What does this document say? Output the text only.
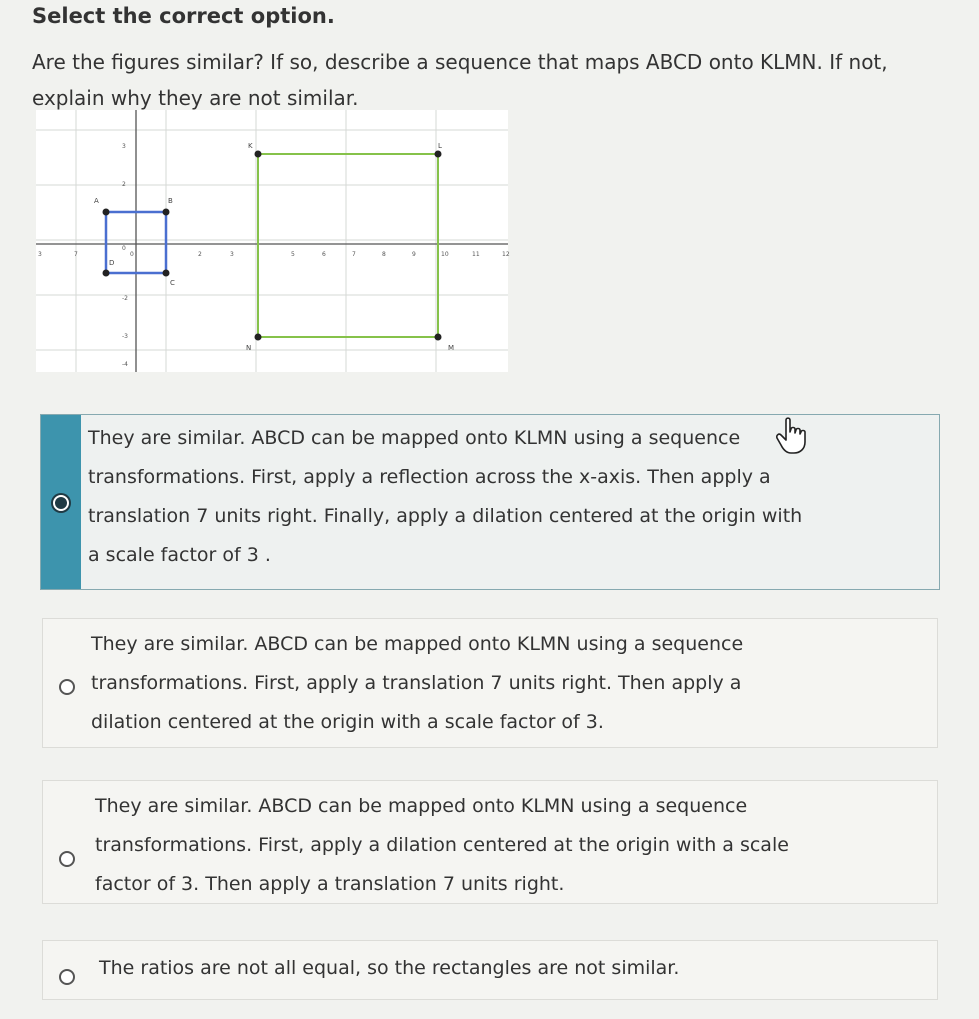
Select the correct option.
Are the figures similar? If so, describe a sequence that maps ABCD onto KLMN. If not, explain why they are not similar.
3	7	0	2	3	5	6	7	8	9	10	11	12
3
2
0
-2
-3
-4
A	B
C
D
K	L
M
N
They are similar. ABCD can be mapped onto KLMN using a sequence transformations. First, apply a reflection across the x-axis. Then apply a translation 7 units right. Finally, apply a dilation centered at the origin with a scale factor of 3 .
They are similar. ABCD can be mapped onto KLMN using a sequence transformations. First, apply a translation 7 units right. Then apply a dilation centered at the origin with a scale factor of 3.
They are similar. ABCD can be mapped onto KLMN using a sequence transformations. First, apply a dilation centered at the origin with a scale factor of 3. Then apply a translation 7 units right.
The ratios are not all equal, so the rectangles are not similar.
